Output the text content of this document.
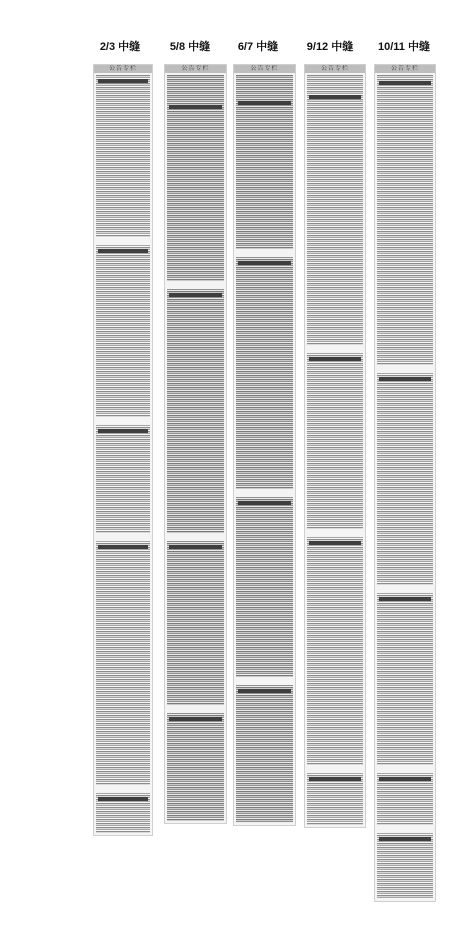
2/3 中缝	5/8 中缝	6/7 中缝	9/12 中缝	10/11 中缝
公告专栏	公告专栏	公告专栏	公告专栏	公告专栏
